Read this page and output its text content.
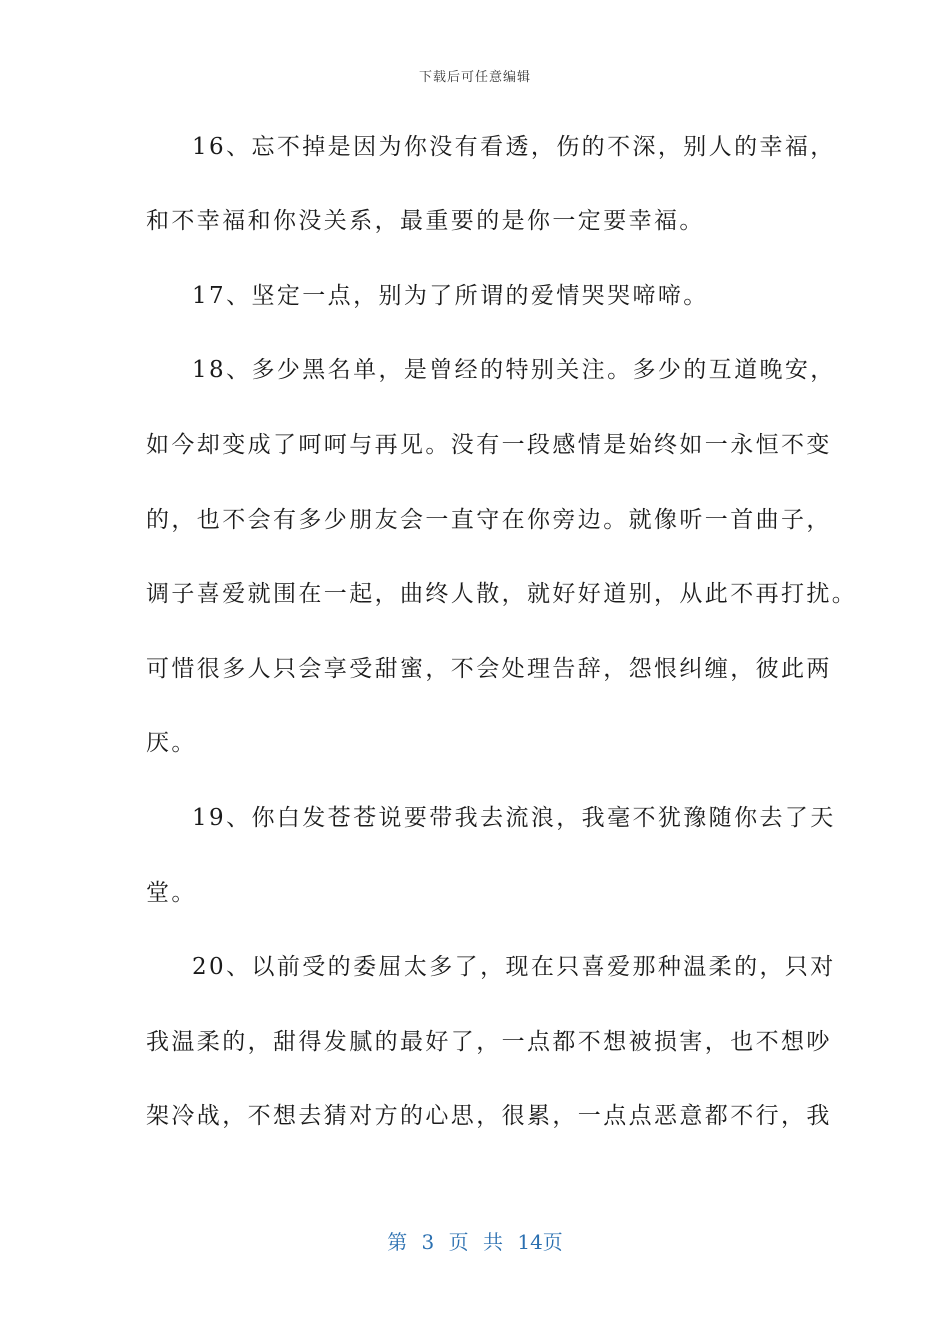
下载后可任意编辑
16、忘不掉是因为你没有看透，伤的不深，别人的幸福，
和不幸福和你没关系，最重要的是你一定要幸福。
17、坚定一点，别为了所谓的爱情哭哭啼啼。
18、多少黑名单，是曾经的特别关注。多少的互道晚安，
如今却变成了呵呵与再见。没有一段感情是始终如一永恒不变
的，也不会有多少朋友会一直守在你旁边。就像听一首曲子，
调子喜爱就围在一起，曲终人散，就好好道别，从此不再打扰。
可惜很多人只会享受甜蜜，不会处理告辞，怨恨纠缠，彼此两
厌。
19、你白发苍苍说要带我去流浪，我毫不犹豫随你去了天
堂。
20、以前受的委屈太多了，现在只喜爱那种温柔的，只对
我温柔的，甜得发腻的最好了，一点都不想被损害，也不想吵
架冷战，不想去猜对方的心思，很累，一点点恶意都不行，我
第 3 页 共 14页
